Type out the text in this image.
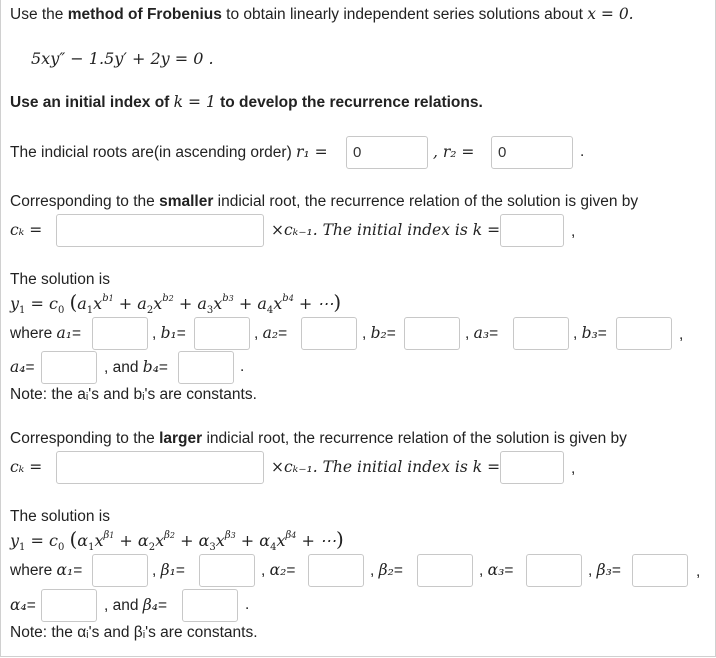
Use the method of Frobenius to obtain linearly independent series solutions about x = 0.
5xy″ − 1.5y′ + 2y = 0 .
Use an initial index of k = 1 to develop the recurrence relations.
The indicial roots are(in ascending order) r₁ =
0	, r₂ =
0	.
Corresponding to the smaller indicial root, the recurrence relation of the solution is given by
cₖ =	×cₖ₋₁. The initial index is k =	,
The solution is
$y_1 = c_0$ ($a_1x^{b1} + a_2x^{b2} + a_3x^{b3} + a_4x^{b4}$ + ⋯)
where a₁=	, b₁=	, a₂=	, b₂=	, a₃=	, b₃=	,
a₄=	, and b₄=	.
Note: the aᵢ's and bᵢ's are constants.
Corresponding to the larger indicial root, the recurrence relation of the solution is given by
cₖ =	×cₖ₋₁. The initial index is k =	,
The solution is
$y_1 = c_0$ ($\alpha_1x^{\beta 1} + \alpha_2x^{\beta 2} + \alpha_3x^{\beta 3} + \alpha_4x^{\beta 4}$ + ⋯)
where α₁=	, β₁=	, α₂=	, β₂=	, α₃=	, β₃=	,
α₄=	, and β₄=	.
Note: the αᵢ's and βᵢ's are constants.
